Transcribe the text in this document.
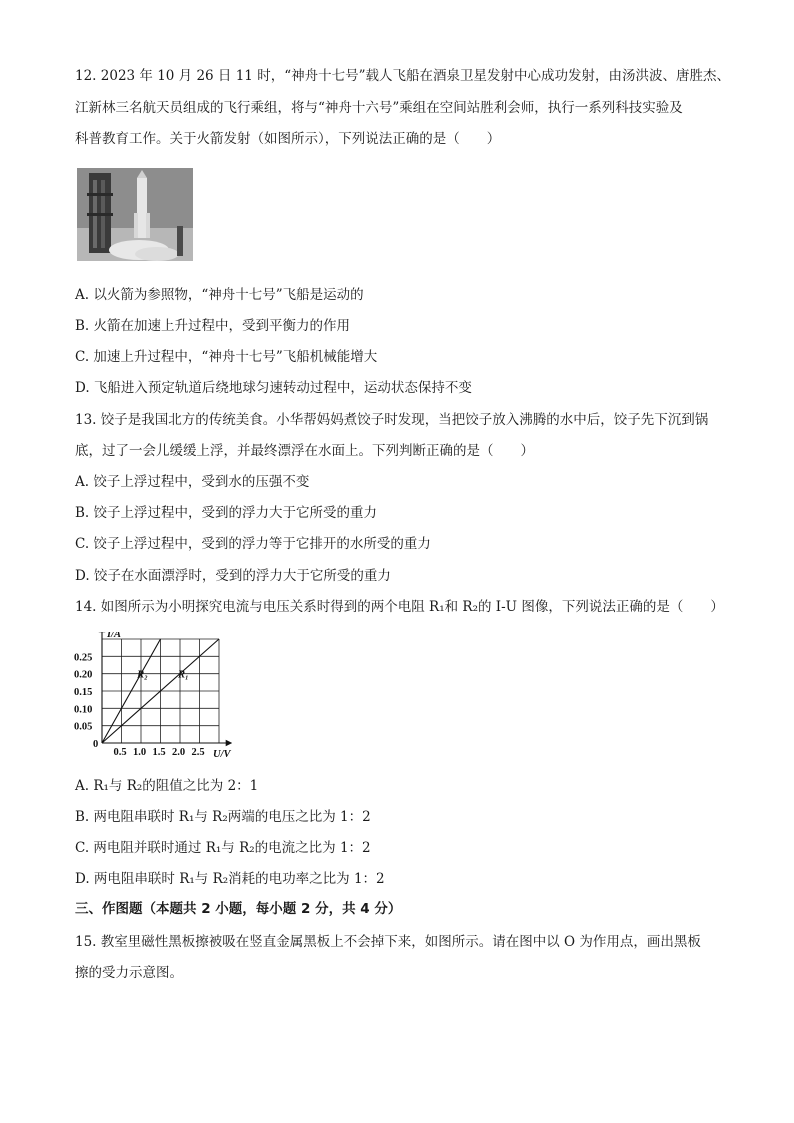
12. 2023 年 10 月 26 日 11 时，“神舟十七号”载人飞船在酒泉卫星发射中心成功发射，由汤洪波、唐胜杰、
江新林三名航天员组成的飞行乘组，将与“神舟十六号”乘组在空间站胜利会师，执行一系列科技实验及
科普教育工作。关于火箭发射（如图所示），下列说法正确的是（　　）
A. 以火箭为参照物，“神舟十七号”飞船是运动的
B. 火箭在加速上升过程中，受到平衡力的作用
C. 加速上升过程中，“神舟十七号”飞船机械能增大
D. 飞船进入预定轨道后绕地球匀速转动过程中，运动状态保持不变
13. 饺子是我国北方的传统美食。小华帮妈妈煮饺子时发现，当把饺子放入沸腾的水中后，饺子先下沉到锅
底，过了一会儿缓缓上浮，并最终漂浮在水面上。下列判断正确的是（　　）
A. 饺子上浮过程中，受到水的压强不变
B. 饺子上浮过程中，受到的浮力大于它所受的重力
C. 饺子上浮过程中，受到的浮力等于它排开的水所受的重力
D. 饺子在水面漂浮时，受到的浮力大于它所受的重力
14. 如图所示为小明探究电流与电压关系时得到的两个电阻 R₁和 R₂的 I-U 图像，下列说法正确的是（　　）
R₂	R₁
0.5 1.0 1.5 2.0 2.5
0.25
0.20
0.15
0.10
0.05
0
U/V
I/A
A. R₁与 R₂的阻值之比为 2：1
B. 两电阻串联时 R₁与 R₂两端的电压之比为 1：2
C. 两电阻并联时通过 R₁与 R₂的电流之比为 1：2
D. 两电阻串联时 R₁与 R₂消耗的电功率之比为 1：2
三、作图题（本题共 2 小题，每小题 2 分，共 4 分）
15. 教室里磁性黑板擦被吸在竖直金属黑板上不会掉下来，如图所示。请在图中以 O 为作用点，画出黑板
擦的受力示意图。
